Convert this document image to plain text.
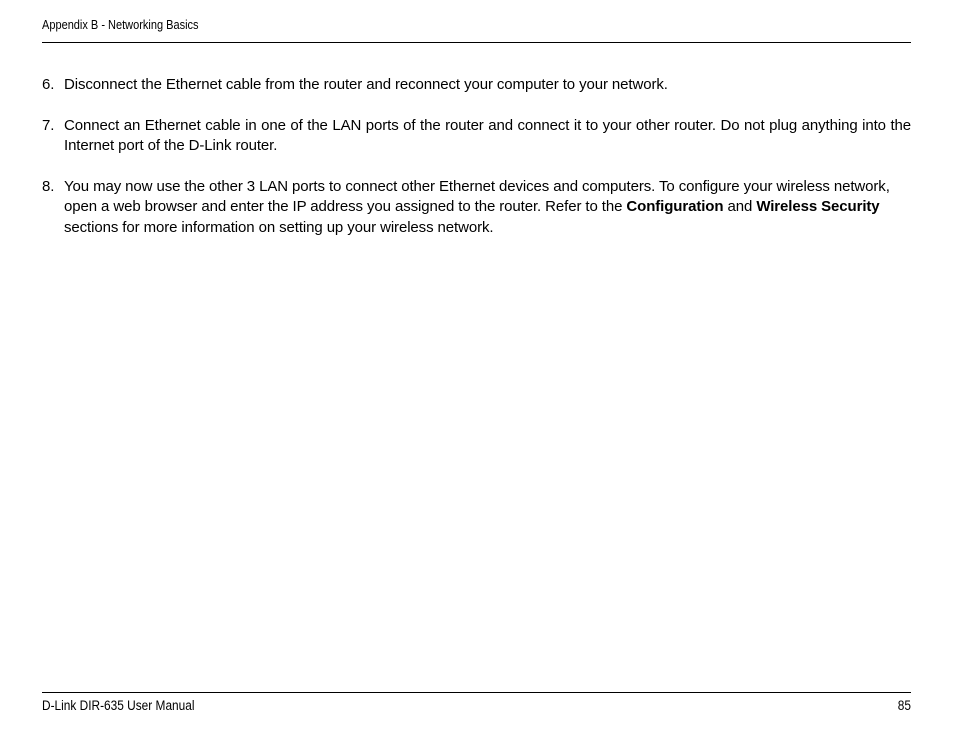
Appendix B - Networking Basics
6. Disconnect the Ethernet cable from the router and reconnect your computer to your network.
7. Connect an Ethernet cable in one of the LAN ports of the router and connect it to your other router. Do not plug anything into the Internet port of the D-Link router.
8. You may now use the other 3 LAN ports to connect other Ethernet devices and computers. To configure your wireless network, open a web browser and enter the IP address you assigned to the router. Refer to the Configuration and Wireless Security sections for more information on setting up your wireless network.
D-Link DIR-635 User Manual	85
